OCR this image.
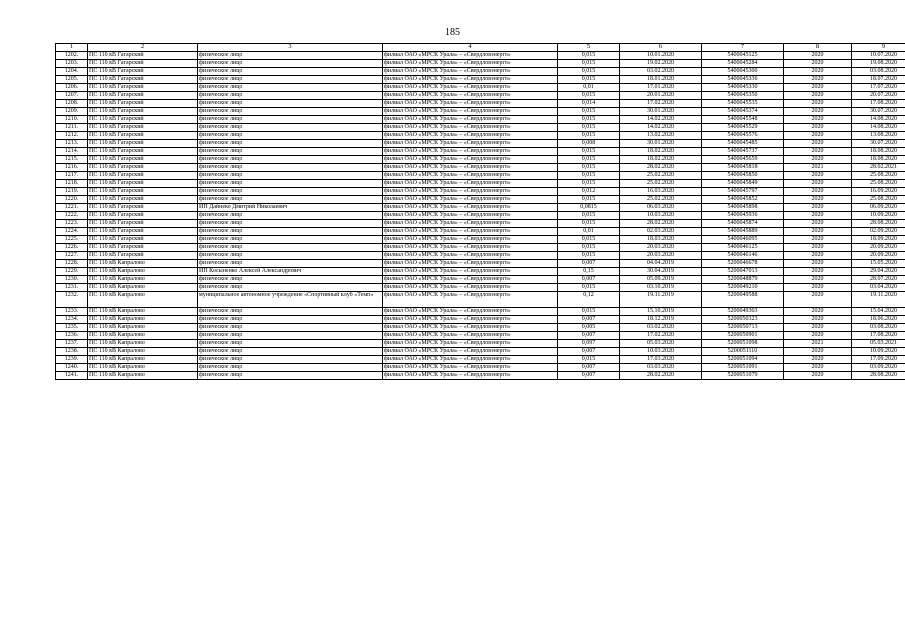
185
1	2	3	4	5	6	7	8	9
1202.	ПС 110 кВ Гагарский	физическое лицо	филиал ОАО «МРСК Урала» – «Свердловэнерго»	0,015	10.01.2020	5400045125	2020	10.07.2020
1203.	ПС 110 кВ Гагарский	физическое лицо	филиал ОАО «МРСК Урала» – «Свердловэнерго»	0,015	19.02.2020	5400045284	2020	19.08.2020
1204.	ПС 110 кВ Гагарский	физическое лицо	филиал ОАО «МРСК Урала» – «Свердловэнерго»	0,015	03.02.2020	5400045300	2020	03.08.2020
1205.	ПС 110 кВ Гагарский	физическое лицо	филиал ОАО «МРСК Урала» – «Свердловэнерго»	0,015	18.01.2020	5400045336	2020	18.07.2020
1206.	ПС 110 кВ Гагарский	физическое лицо	филиал ОАО «МРСК Урала» – «Свердловэнерго»	0,01	17.01.2020	5400045330	2020	17.07.2020
1207.	ПС 110 кВ Гагарский	физическое лицо	филиал ОАО «МРСК Урала» – «Свердловэнерго»	0,015	20.01.2020	5400045350	2020	20.07.2020
1208.	ПС 110 кВ Гагарский	физическое лицо	филиал ОАО «МРСК Урала» – «Свердловэнерго»	0,014	17.02.2020	5400045535	2020	17.08.2020
1209.	ПС 110 кВ Гагарский	физическое лицо	филиал ОАО «МРСК Урала» – «Свердловэнерго»	0,015	30.01.2020	5400045374	2020	30.07.2020
1210.	ПС 110 кВ Гагарский	физическое лицо	филиал ОАО «МРСК Урала» – «Свердловэнерго»	0,015	14.02.2020	5400045548	2020	14.08.2020
1211.	ПС 110 кВ Гагарский	физическое лицо	филиал ОАО «МРСК Урала» – «Свердловэнерго»	0,015	14.02.2020	5400045529	2020	14.08.2020
1212.	ПС 110 кВ Гагарский	физическое лицо	филиал ОАО «МРСК Урала» – «Свердловэнерго»	0,015	13.02.2020	5400045576	2020	13.08.2020
1213.	ПС 110 кВ Гагарский	физическое лицо	филиал ОАО «МРСК Урала» – «Свердловэнерго»	0,008	30.01.2020	5400045485	2020	30.07.2020
1214.	ПС 110 кВ Гагарский	физическое лицо	филиал ОАО «МРСК Урала» – «Свердловэнерго»	0,015	18.02.2020	5400045737	2020	18.08.2020
1215.	ПС 110 кВ Гагарский	физическое лицо	филиал ОАО «МРСК Урала» – «Свердловэнерго»	0,015	18.02.2020	5400045659	2020	18.08.2020
1216.	ПС 110 кВ Гагарский	физическое лицо	филиал ОАО «МРСК Урала» – «Свердловэнерго»	0,015	28.02.2020	5400045818	2021	28.02.2021
1217.	ПС 110 кВ Гагарский	физическое лицо	филиал ОАО «МРСК Урала» – «Свердловэнерго»	0,015	25.02.2020	5400045850	2020	25.08.2020
1218.	ПС 110 кВ Гагарский	физическое лицо	филиал ОАО «МРСК Урала» – «Свердловэнерго»	0,015	25.02.2020	5400045849	2020	25.08.2020
1219.	ПС 110 кВ Гагарский	физическое лицо	филиал ОАО «МРСК Урала» – «Свердловэнерго»	0,012	16.03.2020	5400045797	2020	16.09.2020
1220.	ПС 110 кВ Гагарский	физическое лицо	филиал ОАО «МРСК Урала» – «Свердловэнерго»	0,015	25.02.2020	5400045852	2020	25.08.2020
1221.	ПС 110 кВ Гагарский	ИП Дайнеко Дмитрий Николаевич	филиал ОАО «МРСК Урала» – «Свердловэнерго»	0,0815	06.03.2020	5400045898	2020	06.09.2020
1222.	ПС 110 кВ Гагарский	физическое лицо	филиал ОАО «МРСК Урала» – «Свердловэнерго»	0,015	10.03.2020	5400045936	2020	10.09.2020
1223.	ПС 110 кВ Гагарский	физическое лицо	филиал ОАО «МРСК Урала» – «Свердловэнерго»	0,015	28.02.2020	5400045874	2020	28.08.2020
1224.	ПС 110 кВ Гагарский	физическое лицо	филиал ОАО «МРСК Урала» – «Свердловэнерго»	0,01	02.03.2020	5400045889	2020	02.09.2020
1225.	ПС 110 кВ Гагарский	физическое лицо	филиал ОАО «МРСК Урала» – «Свердловэнерго»	0,015	18.03.2020	5400046095	2020	18.09.2020
1226.	ПС 110 кВ Гагарский	физическое лицо	филиал ОАО «МРСК Урала» – «Свердловэнерго»	0,015	20.03.2020	5400046125	2020	20.09.2020
1227.	ПС 110 кВ Гагарский	физическое лицо	филиал ОАО «МРСК Урала» – «Свердловэнерго»	0,015	20.03.2020	5400046146	2020	20.09.2020
1228.	ПС 110 кВ Капралово	физическое лицо	филиал ОАО «МРСК Урала» – «Свердловэнерго»	0,007	04.04.2019	5200046678	2020	15.05.2020
1229.	ПС 110 кВ Капралово	ИП Косыненко Алексей Александрович	филиал ОАО «МРСК Урала» – «Свердловэнерго»	0,15	30.04.2019	5200047013	2020	29.04.2020
1230.	ПС 110 кВ Капралово	физическое лицо	филиал ОАО «МРСК Урала» – «Свердловэнерго»	0,007	05.09.2019	5200048879	2020	28.07.2020
1231.	ПС 110 кВ Капралово	физическое лицо	филиал ОАО «МРСК Урала» – «Свердловэнерго»	0,015	03.10.2019	5200049210	2020	03.04.2020
1232.	ПС 110 кВ Капралово	муниципальное автономное учреждение «Спортивный клуб «Темп»	филиал ОАО «МРСК Урала» – «Свердловэнерго»	0,12	19.11.2019	5200049588	2020	19.11.2020
1233.	ПС 110 кВ Капралово	физическое лицо	филиал ОАО «МРСК Урала» – «Свердловэнерго»	0,015	15.10.2019	5200049303	2020	15.04.2020
1234.	ПС 110 кВ Капралово	физическое лицо	филиал ОАО «МРСК Урала» – «Свердловэнерго»	0,007	18.12.2019	5200050323	2020	18.06.2020
1235.	ПС 110 кВ Капралово	физическое лицо	филиал ОАО «МРСК Урала» – «Свердловэнерго»	0,005	03.02.2020	5200050713	2020	03.08.2020
1236.	ПС 110 кВ Капралово	физическое лицо	филиал ОАО «МРСК Урала» – «Свердловэнерго»	0,007	17.02.2020	5200050901	2020	17.08.2020
1237.	ПС 110 кВ Капралово	физическое лицо	филиал ОАО «МРСК Урала» – «Свердловэнерго»	0,097	05.03.2020	5200051098	2021	05.03.2021
1238.	ПС 110 кВ Капралово	физическое лицо	филиал ОАО «МРСК Урала» – «Свердловэнерго»	0,007	10.03.2020	5200051110	2020	10.09.2020
1239.	ПС 110 кВ Капралово	физическое лицо	филиал ОАО «МРСК Урала» – «Свердловэнерго»	0,015	17.03.2020	5200051094	2020	17.09.2020
1240.	ПС 110 кВ Капралово	физическое лицо	филиал ОАО «МРСК Урала» – «Свердловэнерго»	0,007	03.03.2020	5200051091	2020	03.09.2020
1241.	ПС 110 кВ Капралово	физическое лицо	филиал ОАО «МРСК Урала» – «Свердловэнерго»	0,007	28.02.2020	5200051079	2020	28.08.2020
